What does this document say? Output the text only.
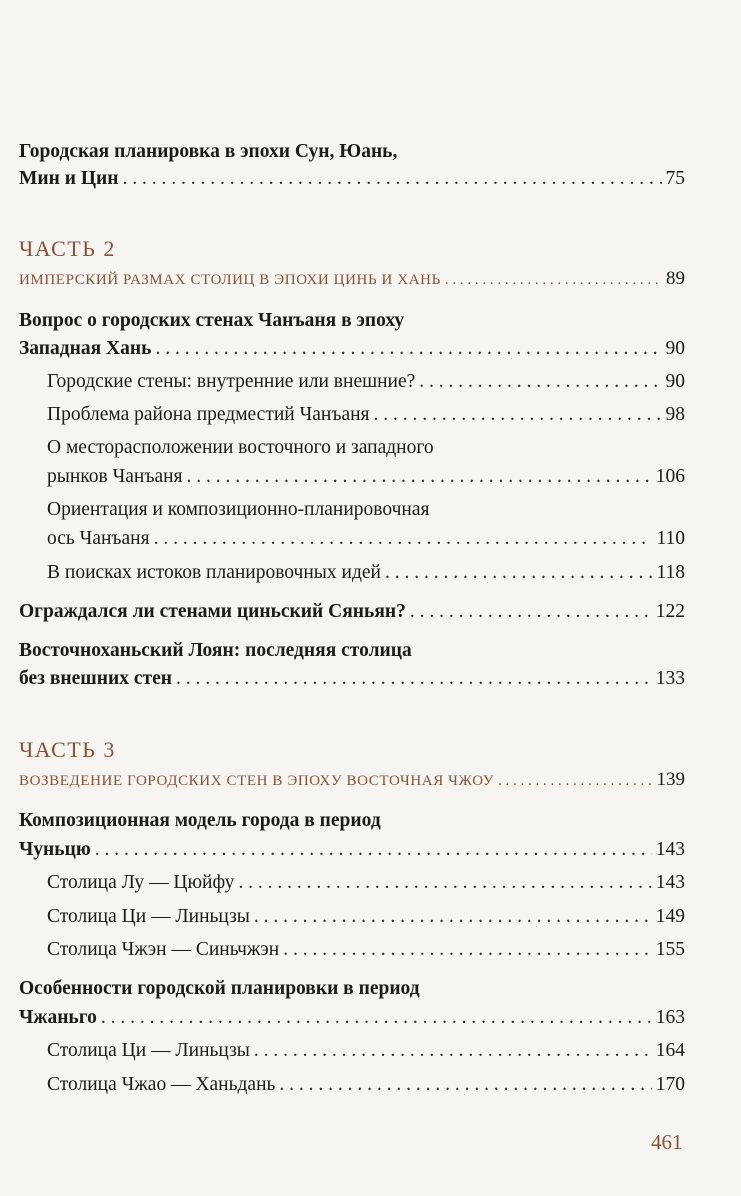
Городская планировка в эпохи Сун, Юань,
Мин и Цин . . .	75
ЧАСТЬ 2
ИМПЕРСКИЙ РАЗМАХ СТОЛИЦ В ЭПОХИ ЦИНЬ И ХАНЬ . . .	89
Вопрос о городских стенах Чанъаня в эпоху
Западная Хань . . .	90
Городские стены: внутренние или внешние? . . .	90
Проблема района предместий Чанъаня . . .	98
О месторасположении восточного и западного
рынков Чанъаня . . .	106
Ориентация и композиционно-планировочная
ось Чанъаня . . .	110
В поисках истоков планировочных идей . . .	118
Ограждался ли стенами циньский Сяньян? . . .	122
Восточноханьский Лоян: последняя столица
без внешних стен . . .	133
ЧАСТЬ 3
ВОЗВЕДЕНИЕ ГОРОДСКИХ СТЕН В ЭПОХУ ВОСТОЧНАЯ ЧЖОУ . . .	139
Композиционная модель города в период
Чуньцю . . .	143
Столица Лу — Цюйфу . . .	143
Столица Ци — Линьцзы . . .	149
Столица Чжэн — Синьчжэн . . .	155
Особенности городской планировки в период
Чжаньго . . .	163
Столица Ци — Линьцзы . . .	164
Столица Чжао — Ханьдань . . .	170
461
